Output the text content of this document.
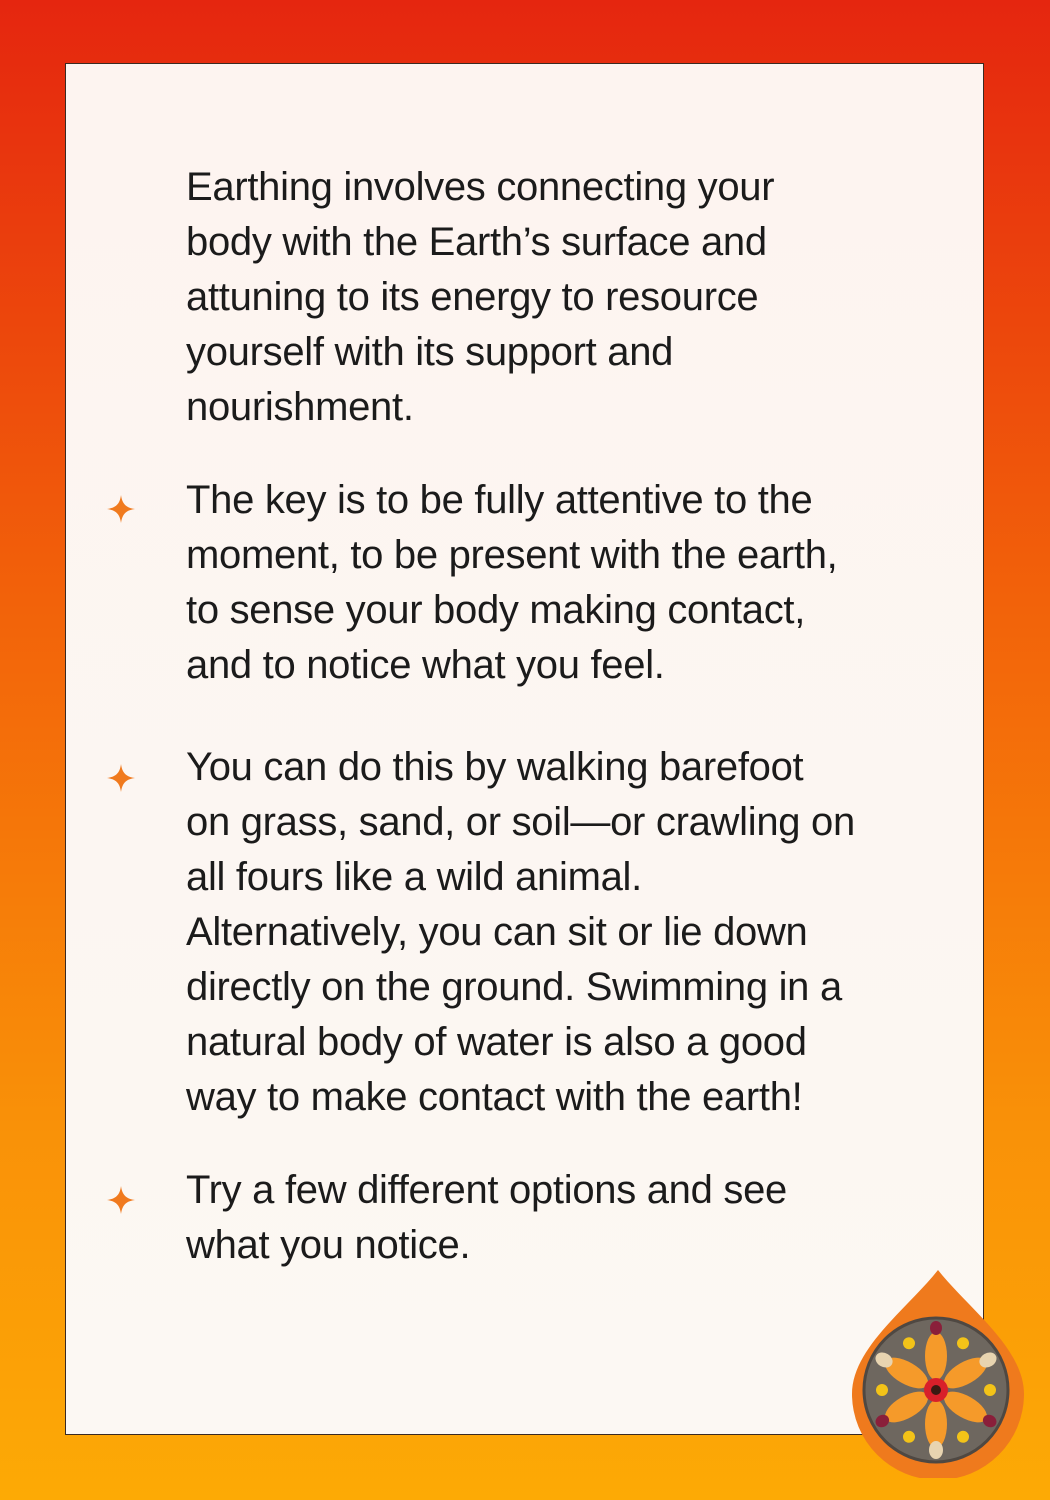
Earthing involves connecting your
body with the Earth’s surface and
attuning to its energy to resource
yourself with its support and
nourishment.

The key is to be fully attentive to the
moment, to be present with the earth,
to sense your body making contact,
and to notice what you feel.

You can do this by walking barefoot
on grass, sand, or soil—or crawling on
all fours like a wild animal.
Alternatively, you can sit or lie down
directly on the ground. Swimming in a
natural body of water is also a good
way to make contact with the earth!

Try a few different options and see
what you notice.
